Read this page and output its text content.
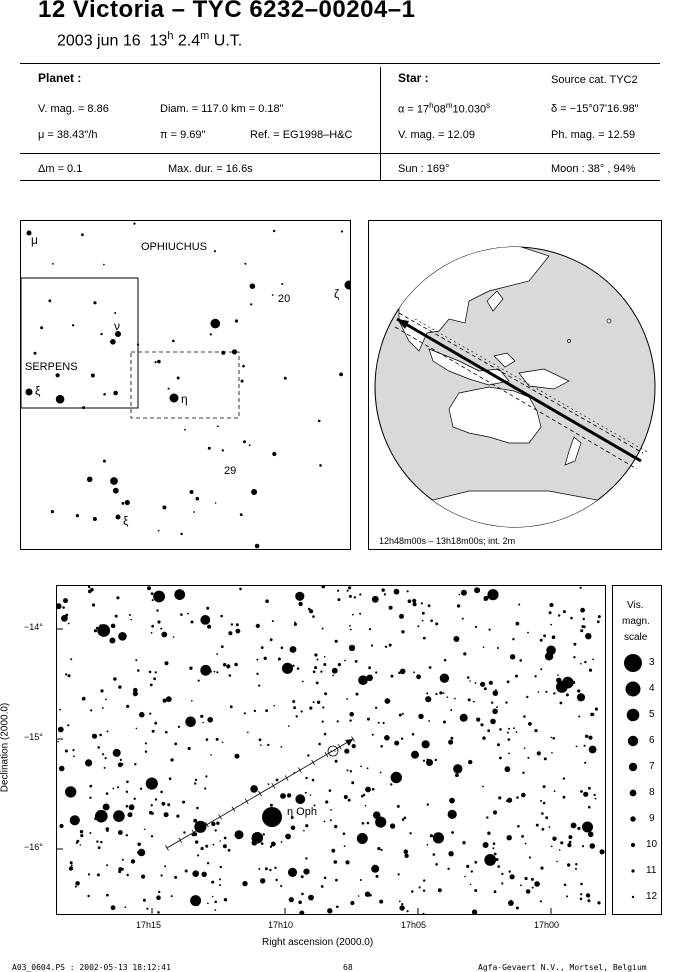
12 Victoria – TYC 6232–00204–1
2003 jun 16 13$^h$ 2.4$^m$ U.T.
Planet :
V. mag. = 8.86	Diam. = 117.0 km = 0.18"
μ = 38.43"/h	π = 9.69"	Ref. = EG1998–H&C
Δm = 0.1	Max. dur. = 16.6s
Star :	Source cat. TYC2
$\alpha = 17^h08^m10.030^s$	δ = −15°07'16.98"
V. mag. = 12.09	Ph. mag. = 12.59
Sun : 169°	Moon : 38° , 94%
OPHIUCHUS
SERPENS
μ
ν
ξ
η
ζ
20
29
ξ
12h48m00s – 13h18m00s; int. 2m
η Oph
−14°
−15°
−16°
17h15	17h10	17h05	17h00
Right ascension (2000.0)
Declination (2000.0)
Vis.
magn.
scale
3
4
5
6
7
8
9
10
11
12
A03_0604.PS : 2002-05-13 18:12:41	68	Agfa-Gevaert N.V., Mortsel, Belgium
